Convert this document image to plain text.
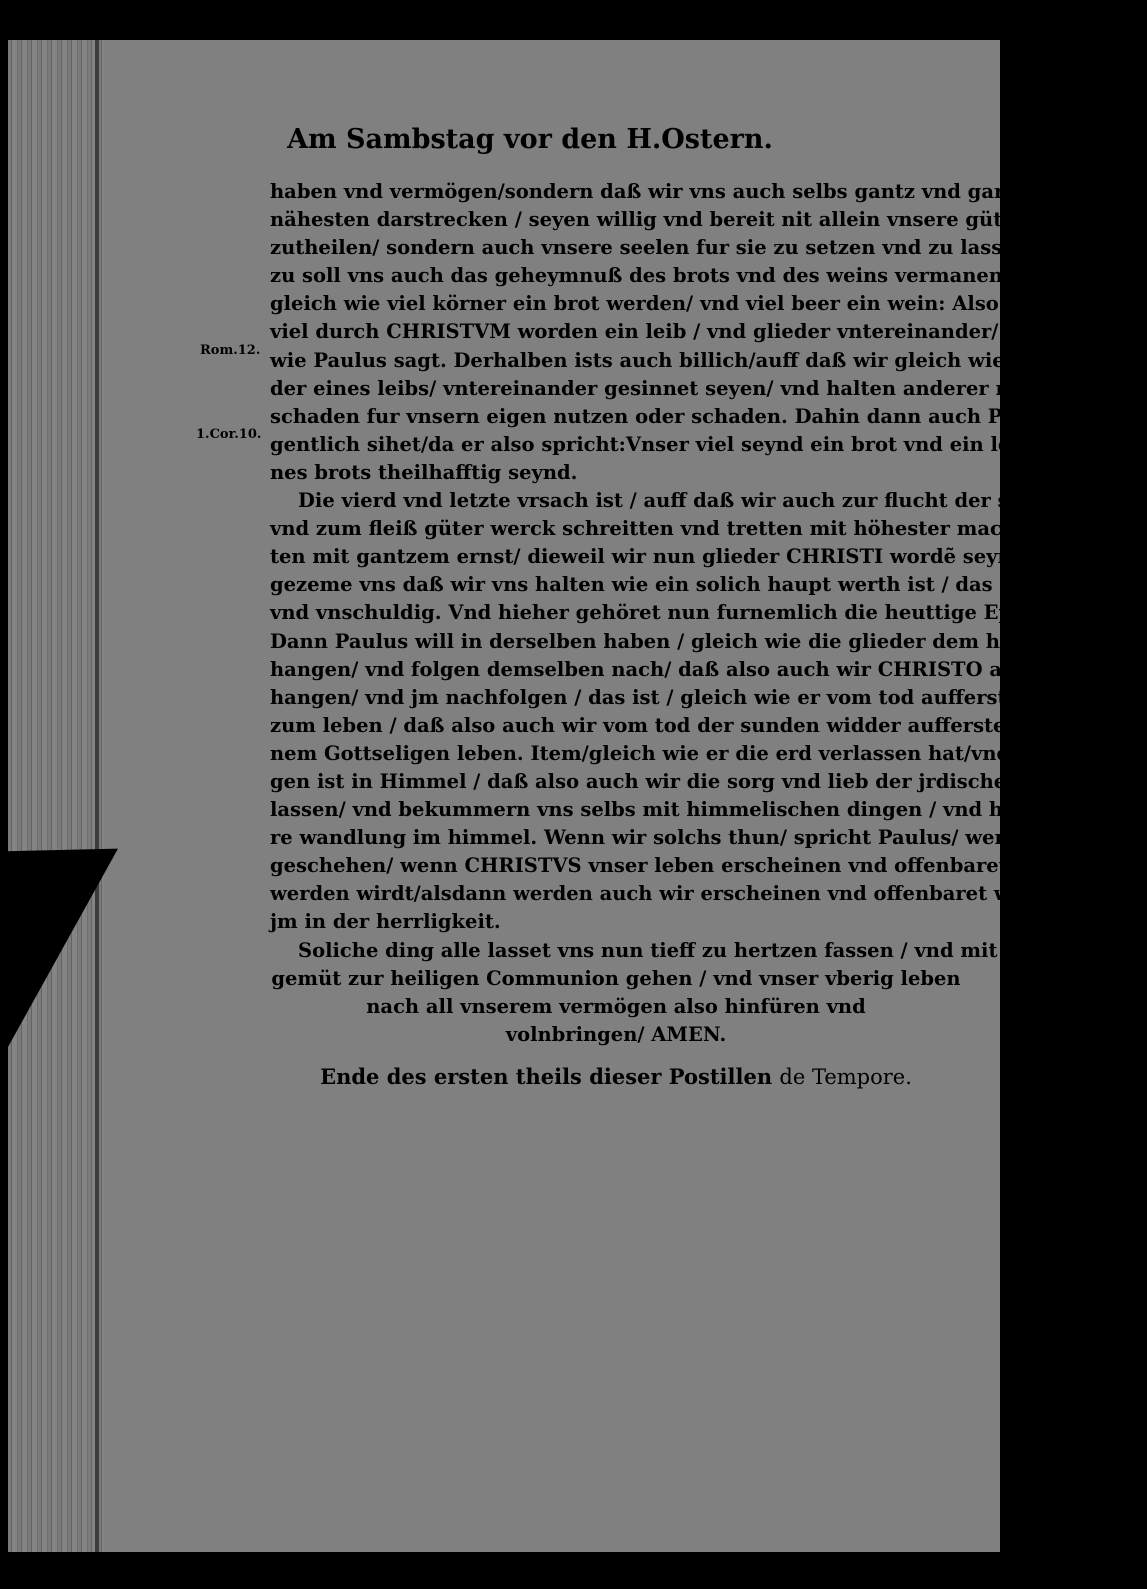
Am Sambstag vor den H.Ostern.
Rom.12.
1.Cor.10.
haben vnd vermögen/sondern daß wir vns auch selbs gantz vnd gar vnseren
nähesten darstrecken / seyen willig vnd bereit nit allein vnsere güter jnen mit,
zutheilen/ sondern auch vnsere seelen fur sie zu setzen vnd zu lassen. Vnd dar,
zu soll vns auch das geheymnuß des brots vnd des weins vermanen. Dann
gleich wie viel körner ein brot werden/ vnd viel beer ein wein: Also seynd vnser
viel durch CHRISTVM worden ein leib / vnd glieder vntereinander/
wie Paulus sagt. Derhalben ists auch billich/auff daß wir gleich wie die glie,
der eines leibs/ vntereinander gesinnet seyen/ vnd halten anderer nutzen oder
schaden fur vnsern eigen nutzen oder schaden. Dahin dann auch Paulus ei,
gentlich sihet/da er also spricht:Vnser viel seynd ein brot vnd ein leib/die wir ei,
nes brots theilhafftig seynd.
Die vierd vnd letzte vrsach ist / auff daß wir auch zur flucht der sunden/
vnd zum fleiß güter werck schreitten vnd tretten mit höhester macht/ betrach,
ten mit gantzem ernst/ dieweil wir nun glieder CHRISTI wordẽ seynd/
gezeme vns daß wir vns halten wie ein solich haupt werth ist / das ist / heilig
vnd vnschuldig. Vnd hieher gehöret nun furnemlich die heuttige Epistel.
Dann Paulus will in derselben haben / gleich wie die glieder dem haupt an,
hangen/ vnd folgen demselben nach/ daß also auch wir CHRISTO an,
hangen/ vnd jm nachfolgen / das ist / gleich wie er vom tod aufferstanden ist
zum leben / daß also auch wir vom tod der sunden widder aufferstehen zu ei,
nem Gottseligen leben. Item/gleich wie er die erd verlassen hat/vnd auffgesti,
gen ist in Himmel / daß also auch wir die sorg vnd lieb der jrdischen ding ver,
lassen/ vnd bekummern vns selbs mit himmelischen dingen / vnd haben vnse,
re wandlung im himmel. Wenn wir solchs thun/ spricht Paulus/ werde es
geschehen/ wenn CHRISTVS vnser leben erscheinen vnd offenbaret
werden wirdt/alsdann werden auch wir erscheinen vnd offenbaret werdẽ mit
jm in der herrligkeit.
Soliche ding alle lasset vns nun tieff zu hertzen fassen / vnd mit solichem
gemüt zur heiligen Communion gehen / vnd vnser vberig leben
nach all vnserem vermögen also hinfüren vnd
volnbringen/ AMEN.
Ende des ersten theils dieser Postillen de Tempore.
